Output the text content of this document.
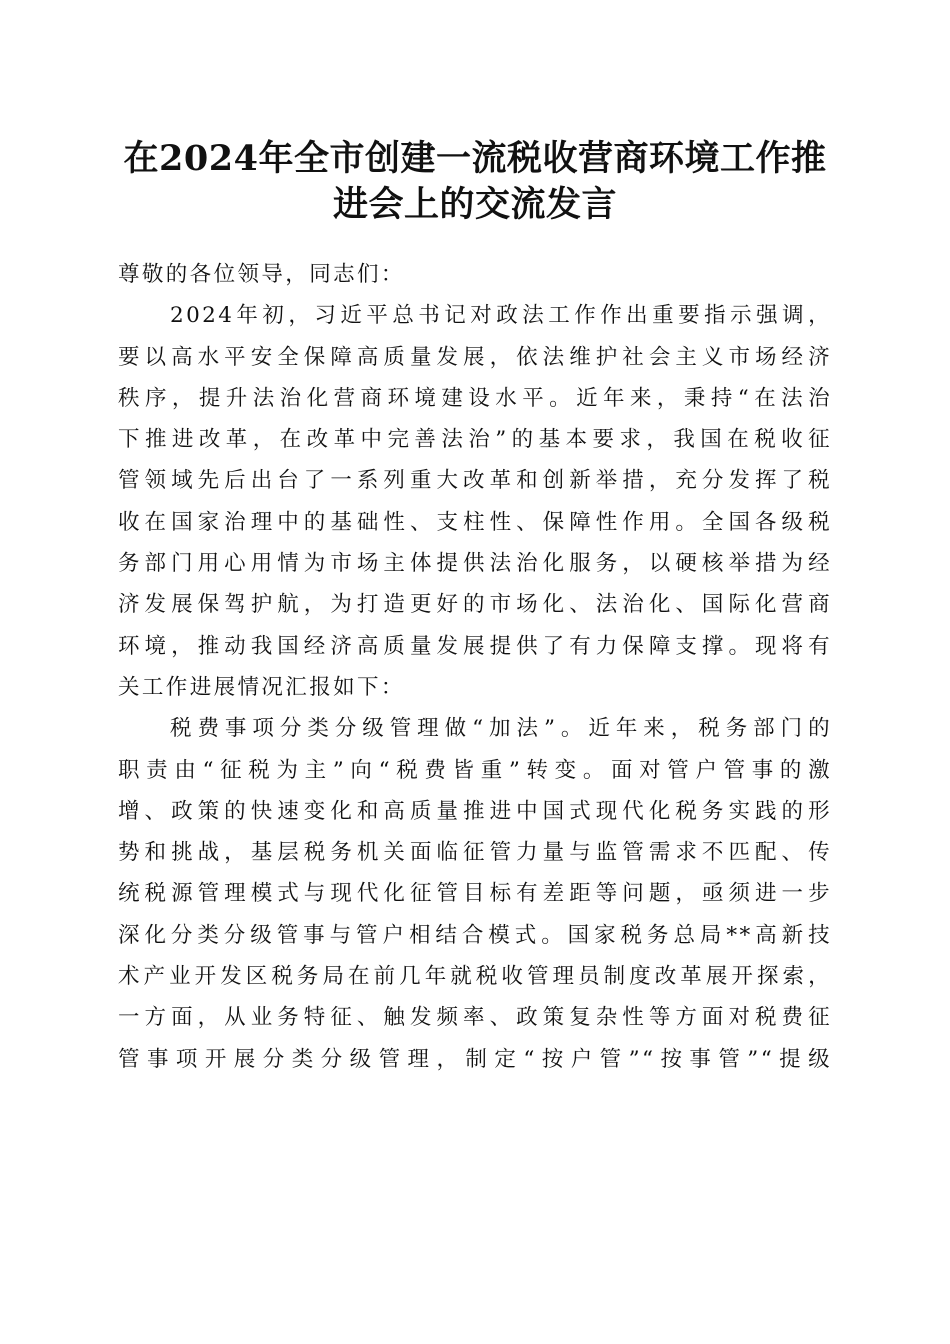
在2024年全市创建一流税收营商环境工作推
进会上的交流发言
尊敬的各位领导，同志们：
2024年初，习近平总书记对政法工作作出重要指示强调，
要以高水平安全保障高质量发展，依法维护社会主义市场经济
秩序，提升法治化营商环境建设水平。近年来，秉持“在法治
下推进改革，在改革中完善法治”的基本要求，我国在税收征
管领域先后出台了一系列重大改革和创新举措，充分发挥了税
收在国家治理中的基础性、支柱性、保障性作用。全国各级税
务部门用心用情为市场主体提供法治化服务，以硬核举措为经
济发展保驾护航，为打造更好的市场化、法治化、国际化营商
环境，推动我国经济高质量发展提供了有力保障支撑。现将有
关工作进展情况汇报如下：
税费事项分类分级管理做“加法”。近年来，税务部门的
职责由“征税为主”向“税费皆重”转变。面对管户管事的激
增、政策的快速变化和高质量推进中国式现代化税务实践的形
势和挑战，基层税务机关面临征管力量与监管需求不匹配、传
统税源管理模式与现代化征管目标有差距等问题，亟须进一步
深化分类分级管事与管户相结合模式。国家税务总局**高新技
术产业开发区税务局在前几年就税收管理员制度改革展开探索，
一方面，从业务特征、触发频率、政策复杂性等方面对税费征
管事项开展分类分级管理，制定“按户管”“按事管”“提级
